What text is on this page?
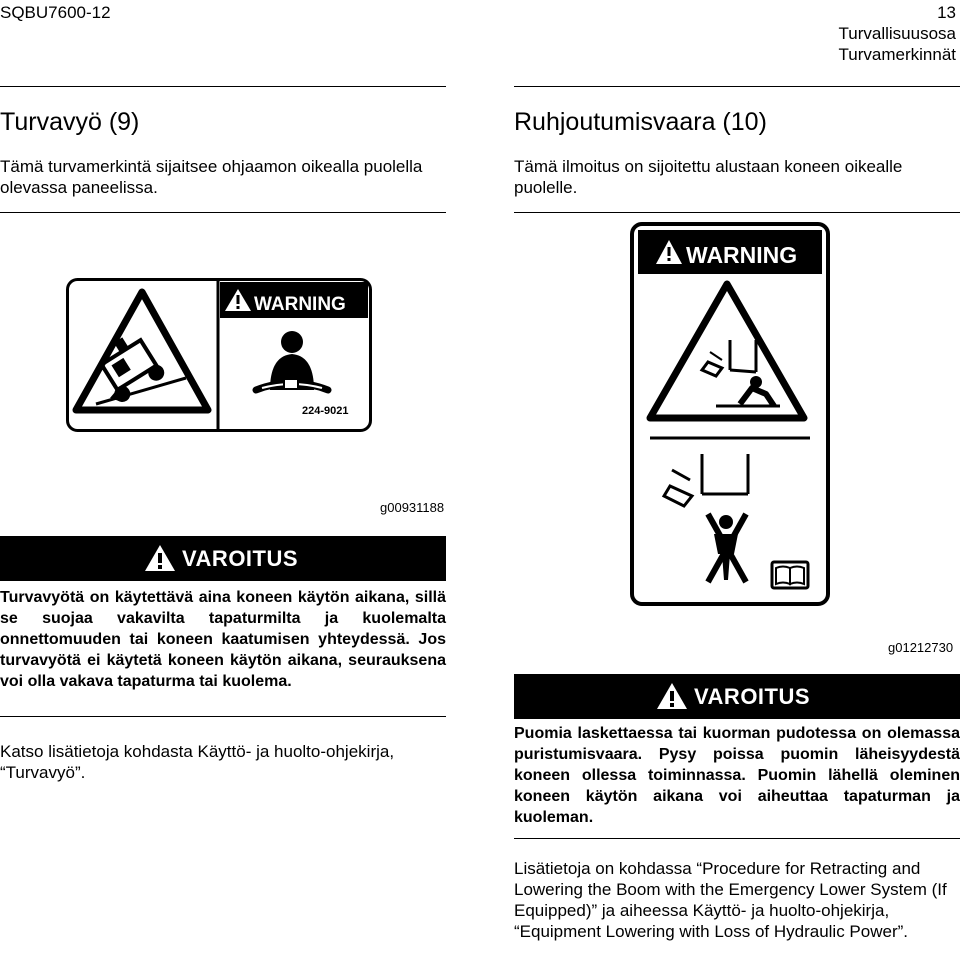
SQBU7600-12	13
Turvallisuusosa
Turvamerkinnät
Turvavyö (9)
Tämä turvamerkintä sijaitsee ohjaamon oikealla puolella olevassa paneelissa.
WARNING
224-9021
g00931188
VAROITUS
Turvavyötä on käytettävä aina koneen käytön aikana, sillä se suojaa vakavilta tapaturmilta ja kuolemalta onnettomuuden tai koneen kaatumisen yhteydessä. Jos turvavyötä ei käytetä koneen käytön aikana, seurauksena voi olla vakava tapaturma tai kuolema.
Katso lisätietoja kohdasta Käyttö- ja huolto-ohjekirja, “Turvavyö”.
Ruhjoutumisvaara (10)
Tämä ilmoitus on sijoitettu alustaan koneen oikealle puolelle.
WARNING
g01212730
VAROITUS
Puomia laskettaessa tai kuorman pudotessa on olemassa puristumisvaara. Pysy poissa puomin läheisyydestä koneen ollessa toiminnassa. Puomin lähellä oleminen koneen käytön aikana voi aiheuttaa tapaturman ja kuoleman.
Lisätietoja on kohdassa “Procedure for Retracting and Lowering the Boom with the Emergency Lower System (If Equipped)” ja aiheessa Käyttö- ja huolto-ohjekirja, “Equipment Lowering with Loss of Hydraulic Power”.
